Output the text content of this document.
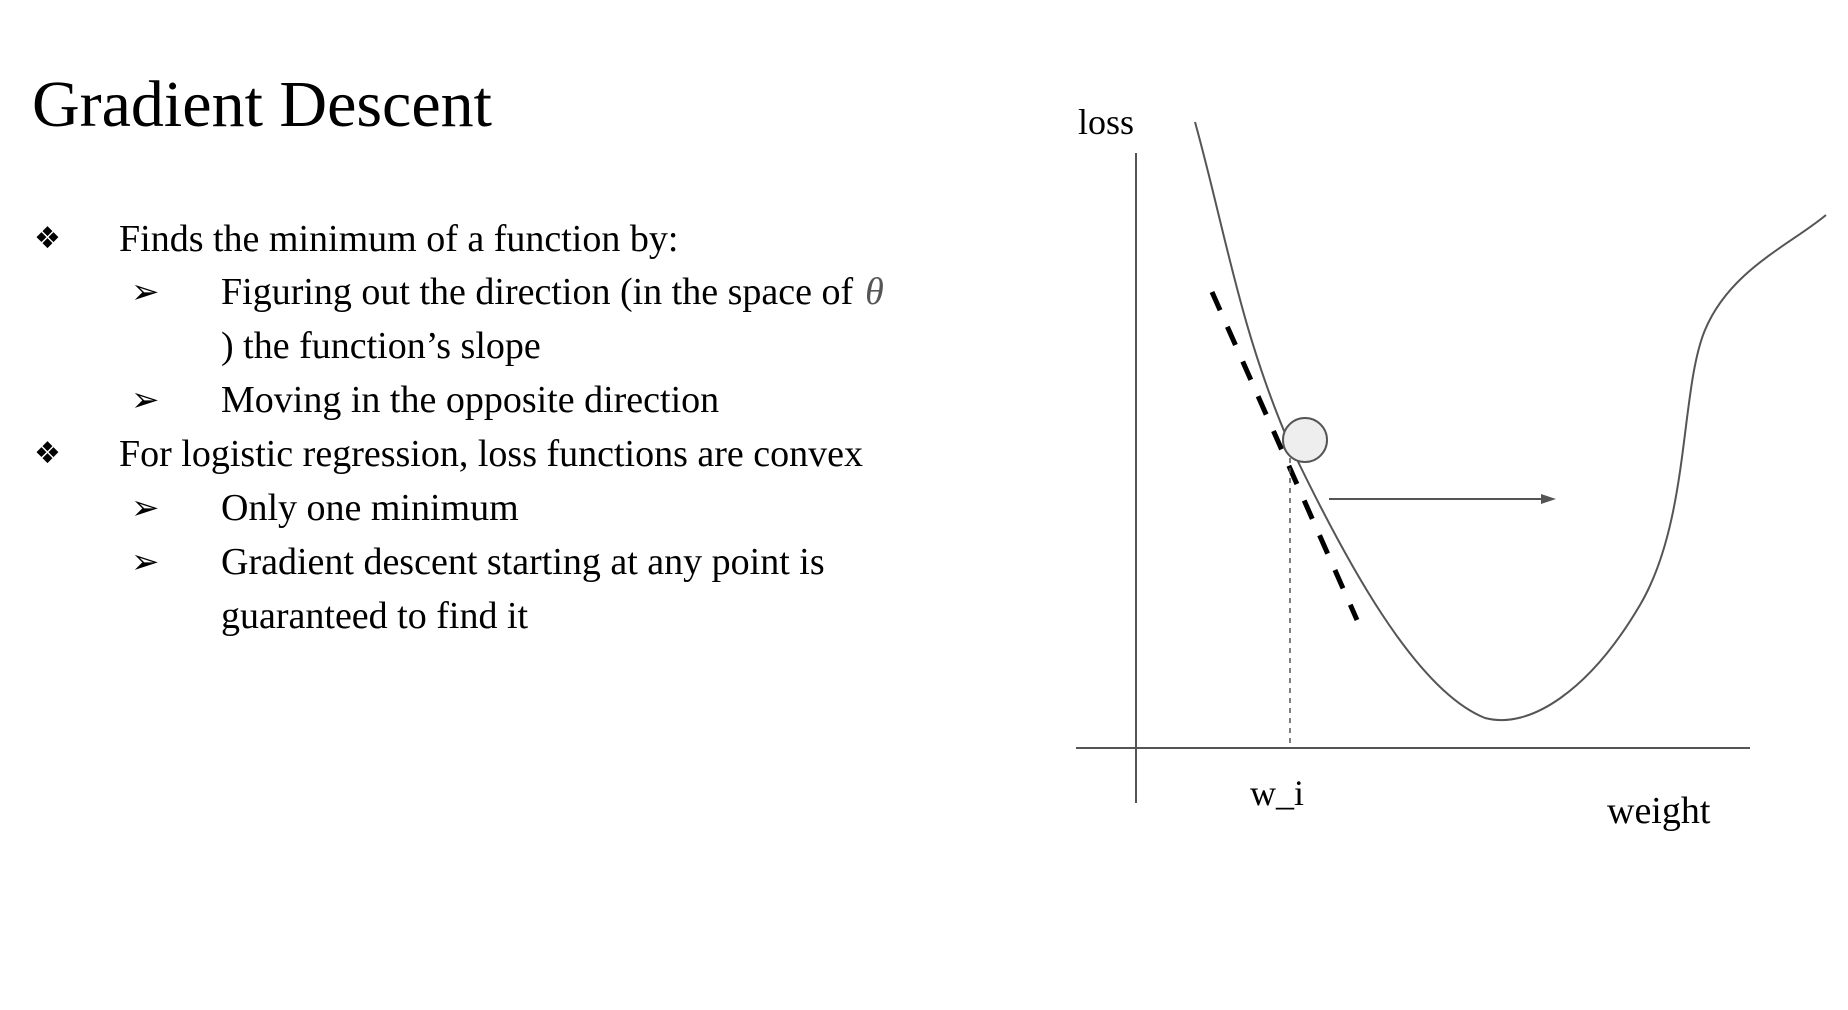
Gradient Descent
❖ Finds the minimum of a function by:
➢ Figuring out the direction (in the space of θ
) the function’s slope
➢ Moving in the opposite direction
❖ For logistic regression, loss functions are convex
➢ Only one minimum
➢ Gradient descent starting at any point is
guaranteed to find it
loss
w_i	weight
